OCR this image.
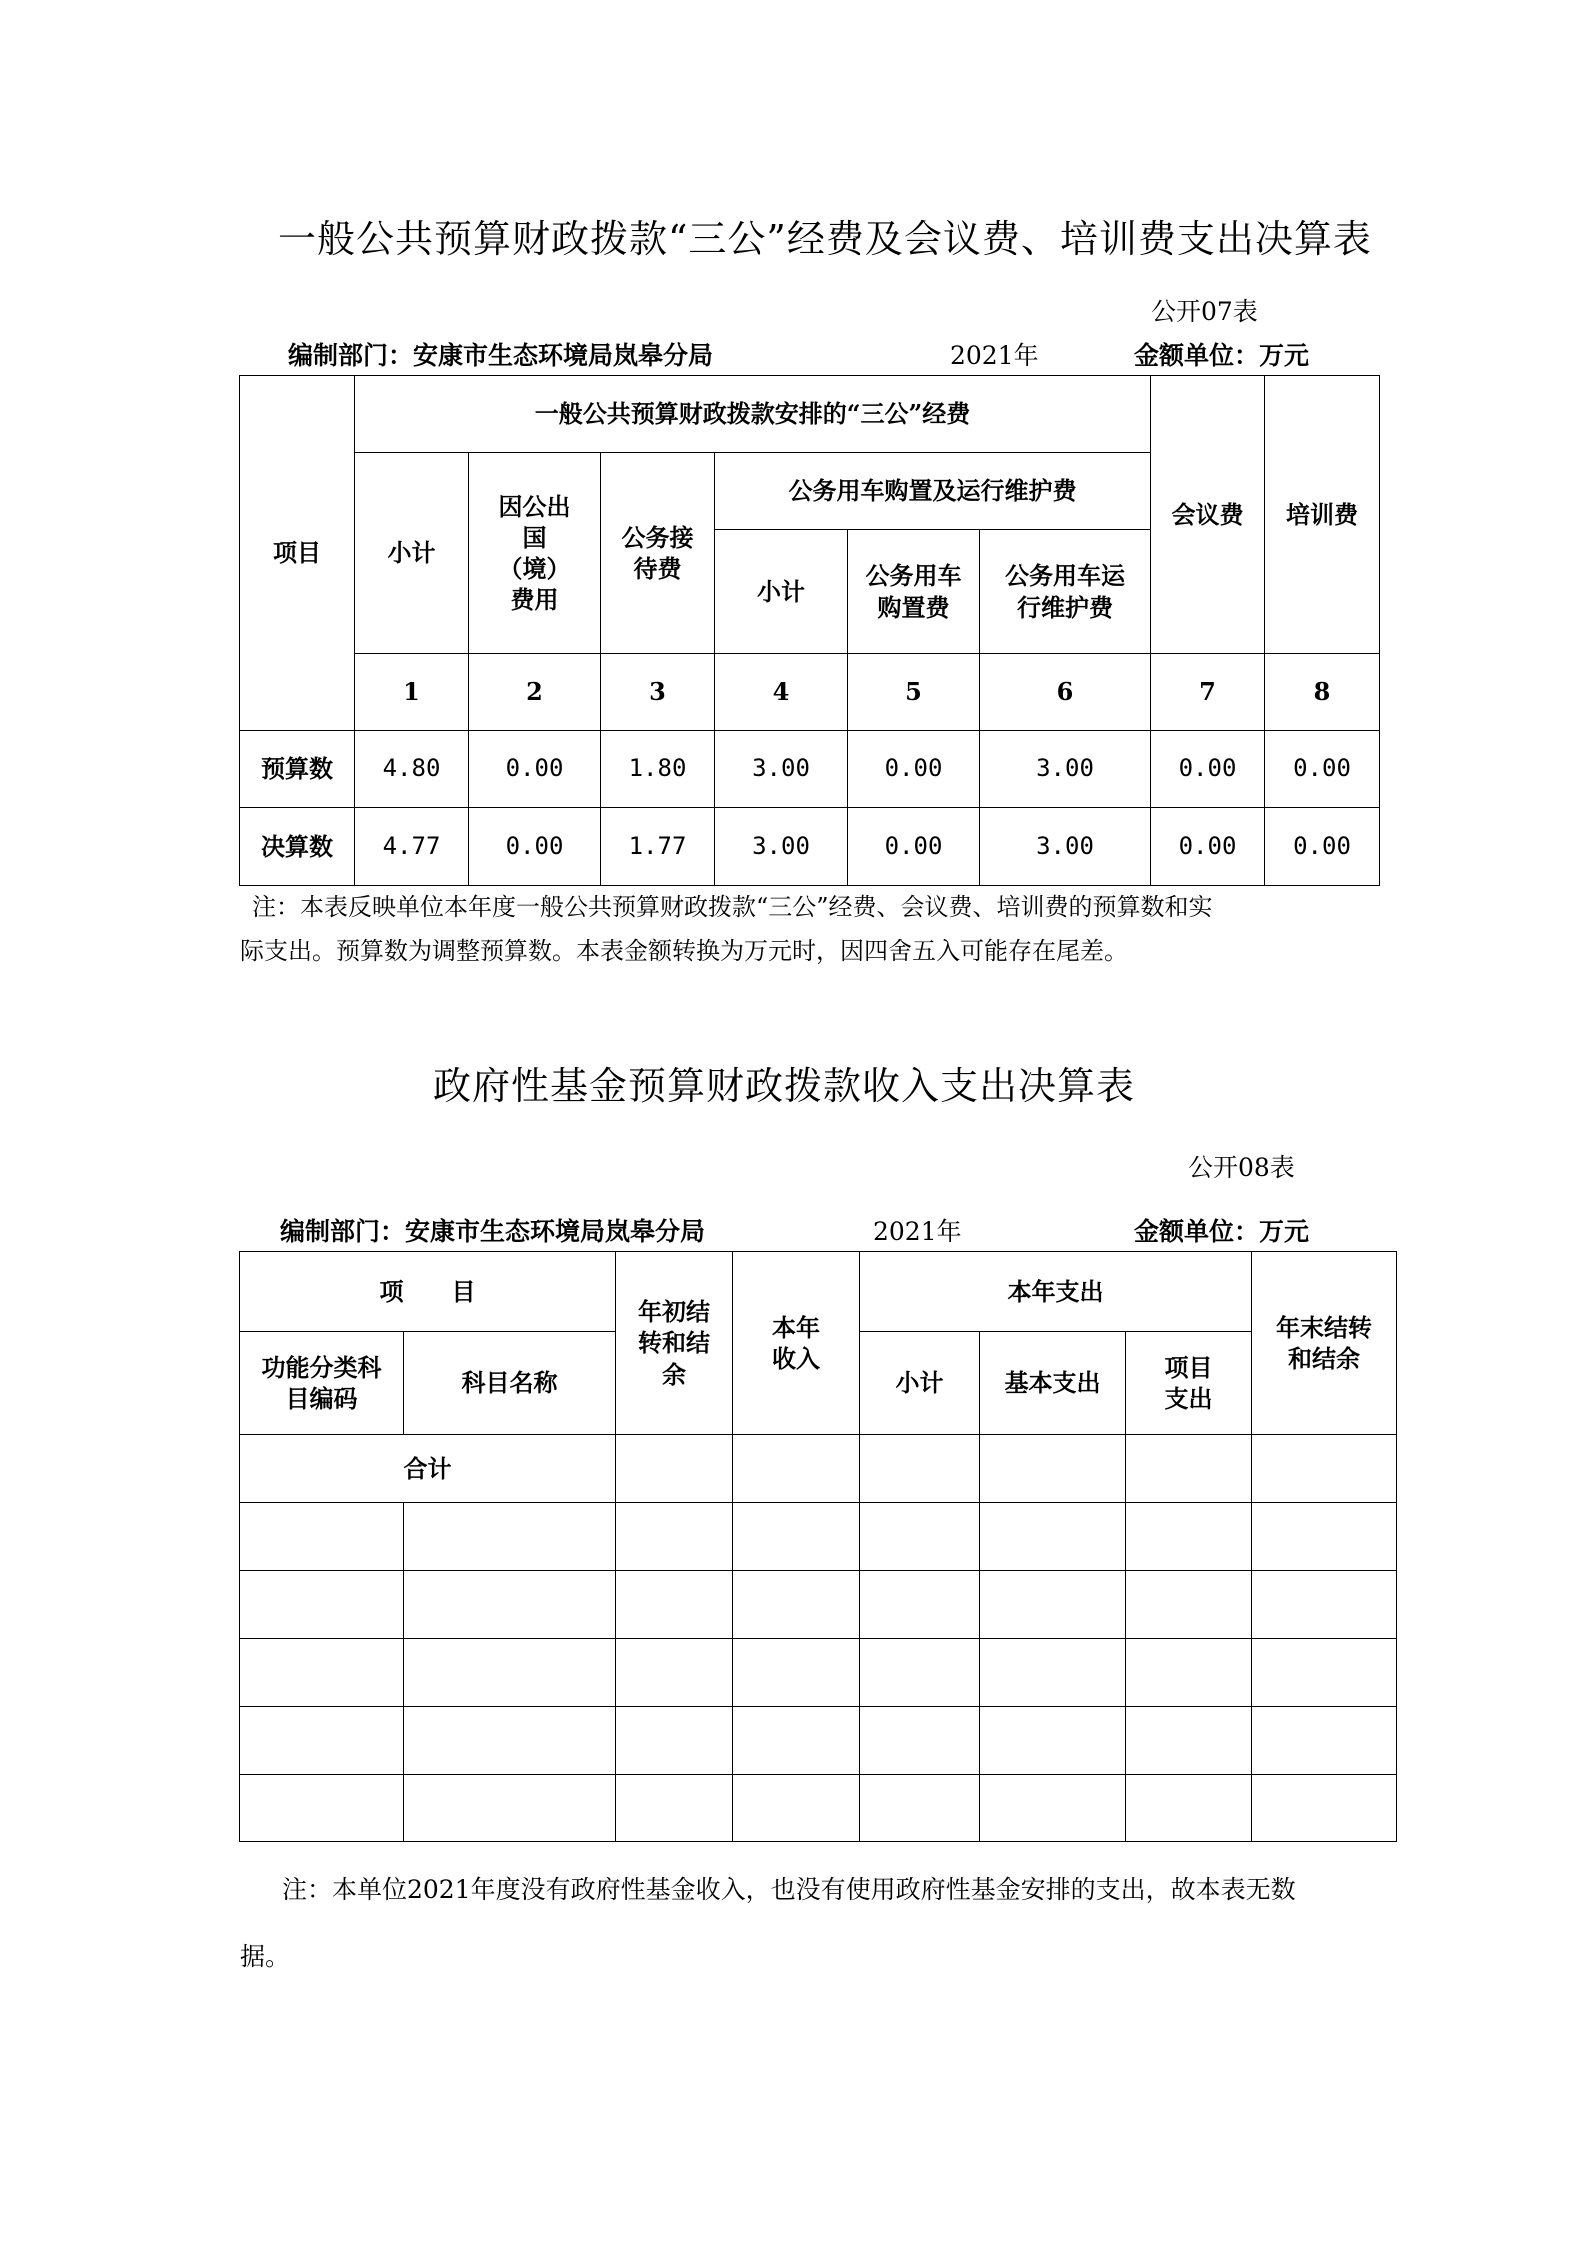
一般公共预算财政拨款“三公”经费及会议费、培训费支出决算表
公开07表
编制部门：安康市生态环境局岚皋分局	2021年	金额单位：万元
项目	一般公共预算财政拨款安排的“三公”经费						会议费	培训费
	小计	因公出国（境）费用	公务接待费	公务用车购置及运行维护费				
				小计	公务用车购置费	公务用车运行维护费		

	1	2	3	4	5	6	7	8
预算数	4.80	0.00	1.80	3.00	0.00	3.00	0.00	0.00
决算数	4.77	0.00	1.77	3.00	0.00	3.00	0.00	0.00
注：本表反映单位本年度一般公共预算财政拨款“三公”经费、会议费、培训费的预算数和实
际支出。预算数为调整预算数。本表金额转换为万元时，因四舍五入可能存在尾差。
政府性基金预算财政拨款收入支出决算表
公开08表
编制部门：安康市生态环境局岚皋分局	2021年	金额单位：万元
项　　目		年初结转和结余	本年收入	本年支出			年末结转和结余

功能分类科目编码	科目名称			小计	基本支出	项目支出	

合计							

注：本单位2021年度没有政府性基金收入，也没有使用政府性基金安排的支出，故本表无数
据。
